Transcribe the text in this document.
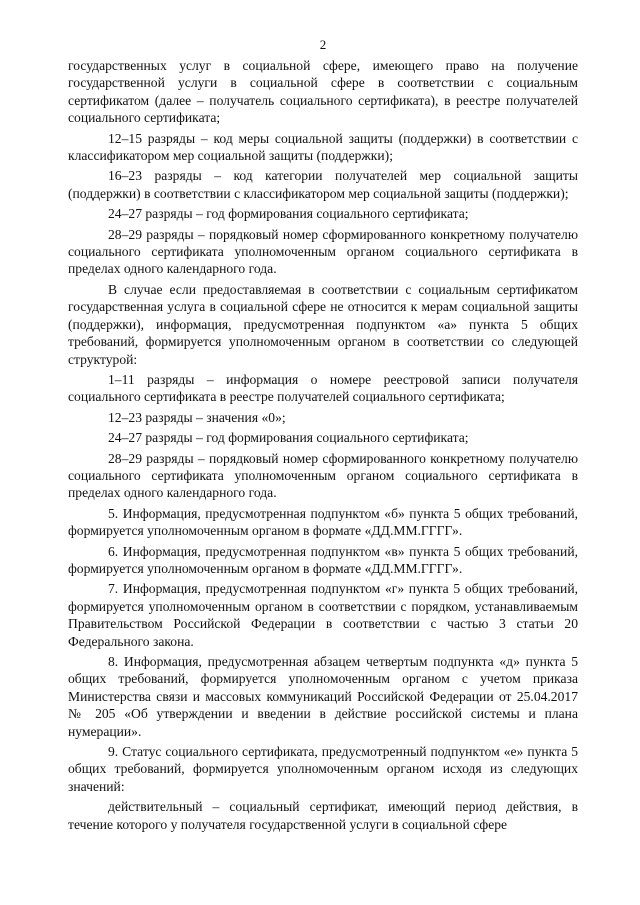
2

государственных услуг в социальной сфере, имеющего право на получение государственной услуги в социальной сфере в соответствии с социальным сертификатом (далее – получатель социального сертификата), в реестре получателей социального сертификата;

12–15 разряды – код меры социальной защиты (поддержки) в соответствии с классификатором мер социальной защиты (поддержки);

16–23 разряды – код категории получателей мер социальной защиты (поддержки) в соответствии с классификатором мер социальной защиты (поддержки);

24–27 разряды – год формирования социального сертификата;

28–29 разряды – порядковый номер сформированного конкретному получателю социального сертификата уполномоченным органом социального сертификата в пределах одного календарного года.

В случае если предоставляемая в соответствии с социальным сертификатом государственная услуга в социальной сфере не относится к мерам социальной защиты (поддержки), информация, предусмотренная подпунктом «а» пункта 5 общих требований, формируется уполномоченным органом в соответствии со следующей структурой:

1–11 разряды – информация о номере реестровой записи получателя социального сертификата в реестре получателей социального сертификата;

12–23 разряды – значения «0»;

24–27 разряды – год формирования социального сертификата;

28–29 разряды – порядковый номер сформированного конкретному получателю социального сертификата уполномоченным органом социального сертификата в пределах одного календарного года.

5. Информация, предусмотренная подпунктом «б» пункта 5 общих требований, формируется уполномоченным органом в формате «ДД.ММ.ГГГГ».

6. Информация, предусмотренная подпунктом «в» пункта 5 общих требований, формируется уполномоченным органом в формате «ДД.ММ.ГГГГ».

7. Информация, предусмотренная подпунктом «г» пункта 5 общих требований, формируется уполномоченным органом в соответствии с порядком, устанавливаемым Правительством Российской Федерации в соответствии с частью 3 статьи 20 Федерального закона.

8. Информация, предусмотренная абзацем четвертым подпункта «д» пункта 5 общих требований, формируется уполномоченным органом с учетом приказа Министерства связи и массовых коммуникаций Российской Федерации от 25.04.2017 № 205 «Об утверждении и введении в действие российской системы и плана нумерации».

9. Статус социального сертификата, предусмотренный подпунктом «е» пункта 5 общих требований, формируется уполномоченным органом исходя из следующих значений:

действительный – социальный сертификат, имеющий период действия, в течение которого у получателя государственной услуги в социальной сфере
